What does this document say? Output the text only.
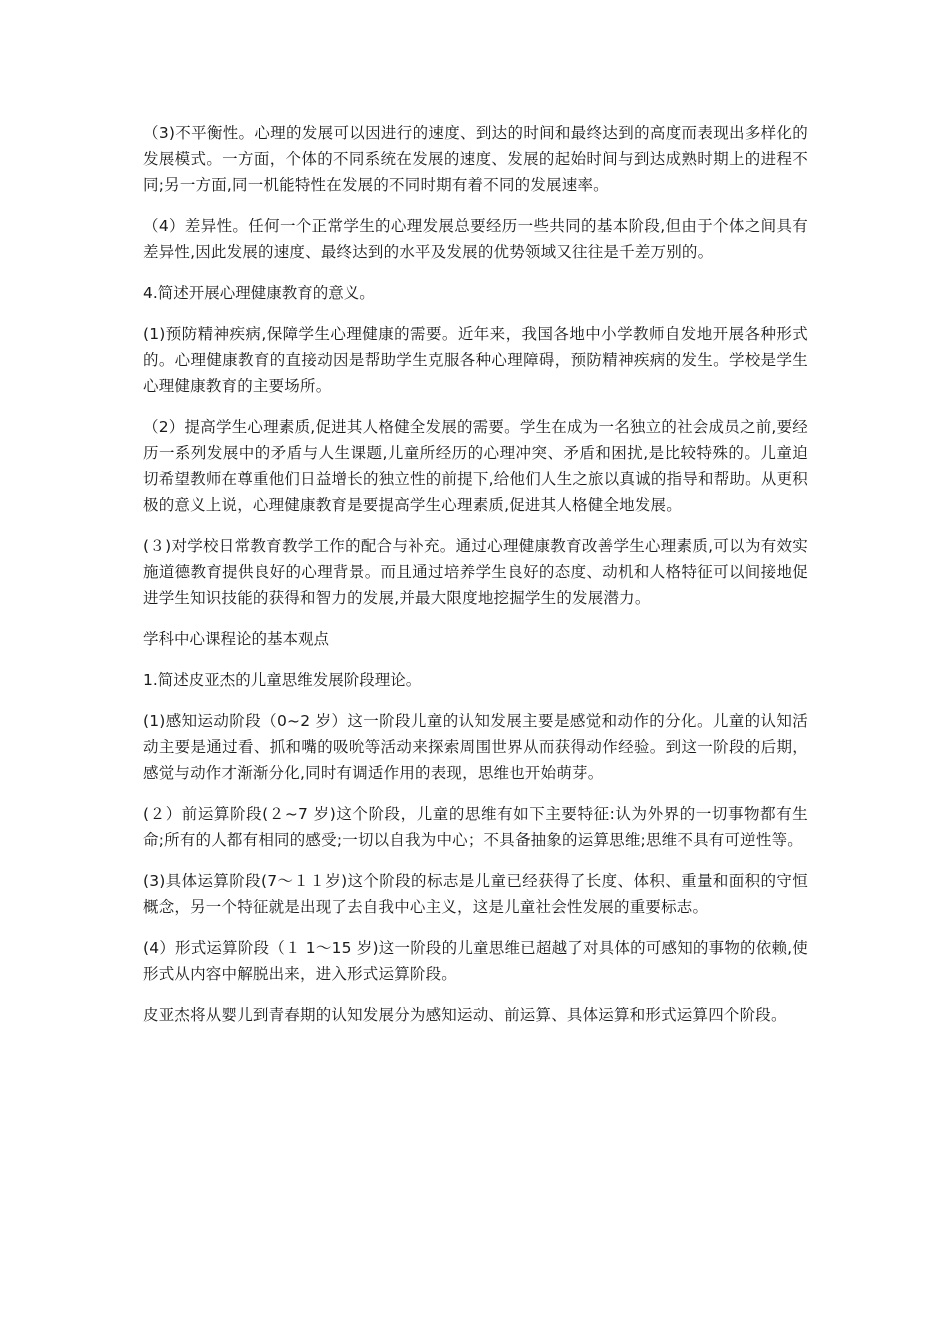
（3)不平衡性。心理的发展可以因进行的速度、到达的时间和最终达到的高度而表现出多样化的发展模式。一方面，个体的不同系统在发展的速度、发展的起始时间与到达成熟时期上的进程不同;另一方面,同一机能特性在发展的不同时期有着不同的发展速率。

（4）差异性。任何一个正常学生的心理发展总要经历一些共同的基本阶段,但由于个体之间具有差异性,因此发展的速度、最终达到的水平及发展的优势领域又往往是千差万别的。

4.简述开展心理健康教育的意义。

(1)预防精神疾病,保障学生心理健康的需要。近年来，我国各地中小学教师自发地开展各种形式的。心理健康教育的直接动因是帮助学生克服各种心理障碍，预防精神疾病的发生。学校是学生心理健康教育的主要场所。

（2）提高学生心理素质,促进其人格健全发展的需要。学生在成为一名独立的社会成员之前,要经历一系列发展中的矛盾与人生课题,儿童所经历的心理冲突、矛盾和困扰,是比较特殊的。儿童迫切希望教师在尊重他们日益增长的独立性的前提下,给他们人生之旅以真诚的指导和帮助。从更积极的意义上说，心理健康教育是要提高学生心理素质,促进其人格健全地发展。

(３)对学校日常教育教学工作的配合与补充。通过心理健康教育改善学生心理素质,可以为有效实施道德教育提供良好的心理背景。而且通过培养学生良好的态度、动机和人格特征可以间接地促进学生知识技能的获得和智力的发展,并最大限度地挖掘学生的发展潜力。

学科中心课程论的基本观点

1.简述皮亚杰的儿童思维发展阶段理论。

(1)感知运动阶段（0~2 岁）这一阶段儿童的认知发展主要是感觉和动作的分化。儿童的认知活动主要是通过看、抓和嘴的吸吮等活动来探索周围世界从而获得动作经验。到这一阶段的后期，感觉与动作才渐渐分化,同时有调适作用的表现，思维也开始萌芽。

(２）前运算阶段(２~7 岁)这个阶段，儿童的思维有如下主要特征:认为外界的一切事物都有生命;所有的人都有相同的感受;一切以自我为中心；不具备抽象的运算思维;思维不具有可逆性等。

(3)具体运算阶段(7～１１岁)这个阶段的标志是儿童已经获得了长度、体积、重量和面积的守恒概念，另一个特征就是出现了去自我中心主义，这是儿童社会性发展的重要标志。

(4）形式运算阶段（１ 1～15 岁)这一阶段的儿童思维已超越了对具体的可感知的事物的依赖,使形式从内容中解脱出来，进入形式运算阶段。

皮亚杰将从婴儿到青春期的认知发展分为感知运动、前运算、具体运算和形式运算四个阶段。
